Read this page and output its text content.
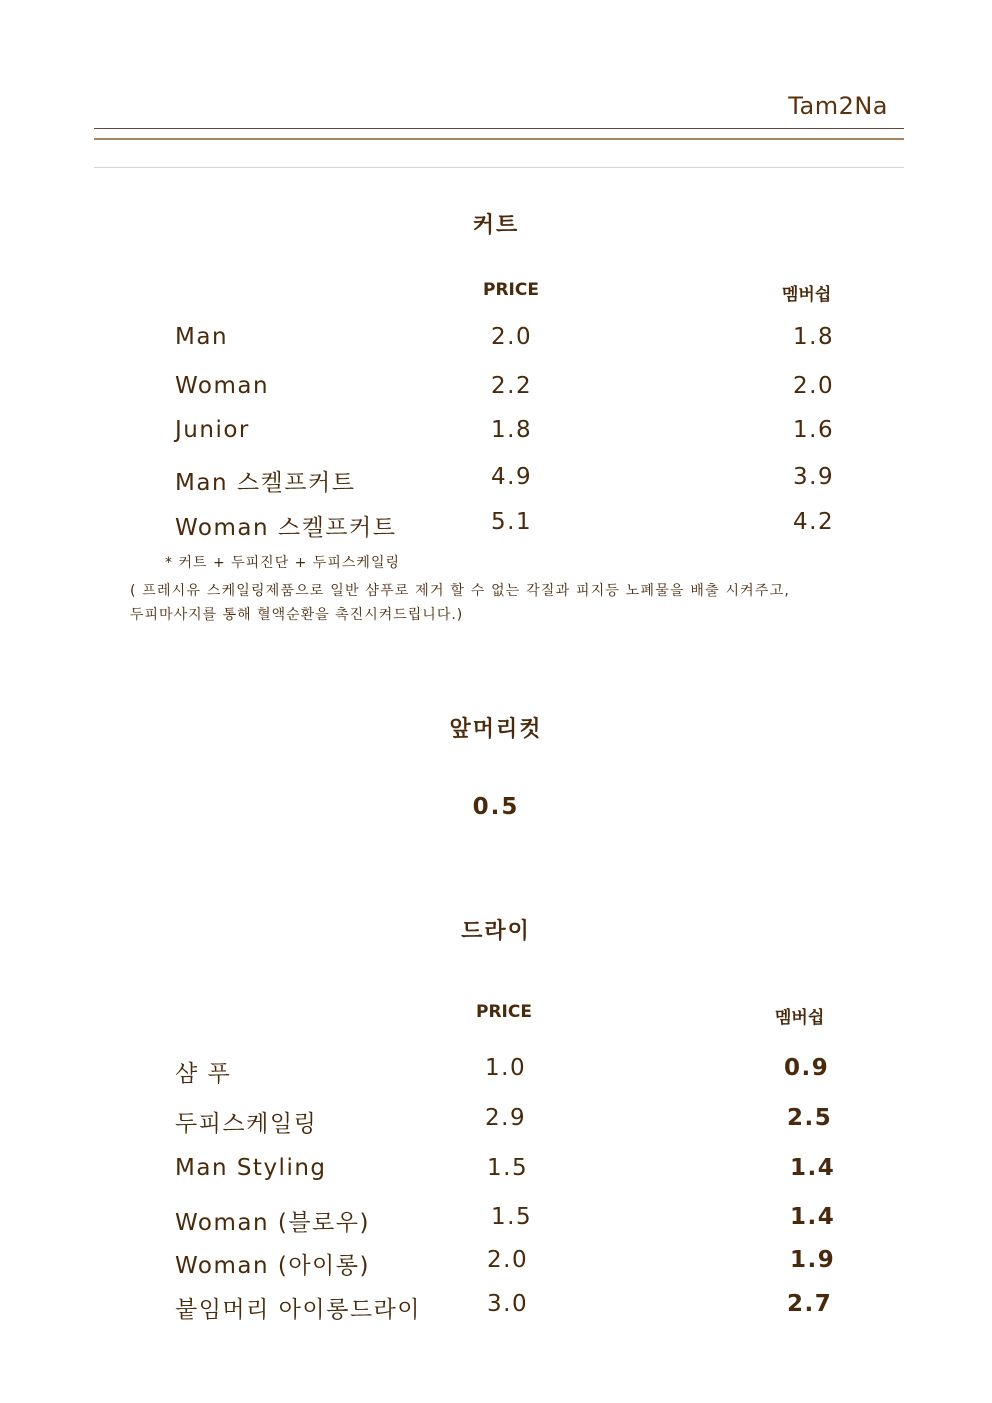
Tam2Na
커트
PRICE	멤버쉽
Man	2.0	1.8
Woman	2.2	2.0
Junior	1.8	1.6
Man 스켈프커트	4.9	3.9
Woman 스켈프커트	5.1	4.2
* 커트 + 두피진단 + 두피스케일링
( 프레시유 스케일링제품으로 일반 샴푸로 제거 할 수 없는 각질과 피지등 노폐물을 배출 시켜주고,
두피마사지를 통해 혈액순환을 촉진시켜드립니다.)
앞머리컷
0.5
드라이
PRICE	멤버쉽
샴 푸	1.0	0.9
두피스케일링	2.9	2.5
Man Styling	1.5	1.4
Woman (블로우)	1.5	1.4
Woman (아이롱)	2.0	1.9
붙임머리 아이롱드라이	3.0	2.7
